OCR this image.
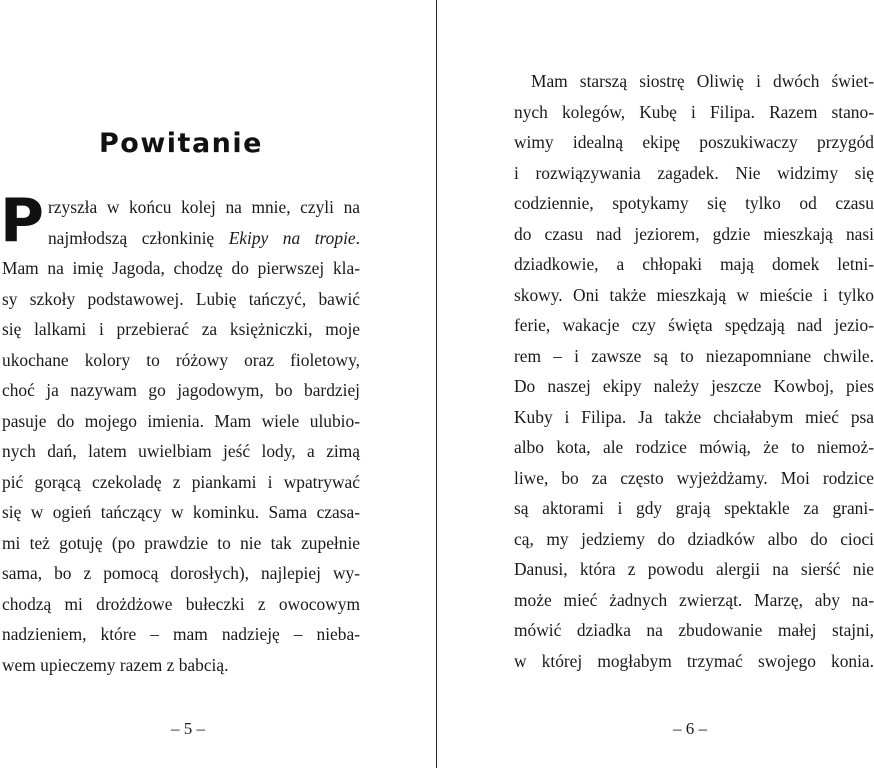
Powitanie
P rzyszła w końcu kolej na mnie, czyli na
najmłodszą członkinię Ekipy na tropie.
Mam na imię Jagoda, chodzę do pierwszej kla-
sy szkoły podstawowej. Lubię tańczyć, bawić
się lalkami i przebierać za księżniczki, moje
ukochane kolory to różowy oraz fioletowy,
choć ja nazywam go jagodowym, bo bardziej
pasuje do mojego imienia. Mam wiele ulubio-
nych dań, latem uwielbiam jeść lody, a zimą
pić gorącą czekoladę z piankami i wpatrywać
się w ogień tańczący w kominku. Sama czasa-
mi też gotuję (po prawdzie to nie tak zupełnie
sama, bo z pomocą dorosłych), najlepiej wy-
chodzą mi drożdżowe bułeczki z owocowym
nadzieniem, które – mam nadzieję – nieba-
wem upieczemy razem z babcią.

– 5 –

Mam starszą siostrę Oliwię i dwóch świet-
nych kolegów, Kubę i Filipa. Razem stano-
wimy idealną ekipę poszukiwaczy przygód
i rozwiązywania zagadek. Nie widzimy się
codziennie, spotykamy się tylko od czasu
do czasu nad jeziorem, gdzie mieszkają nasi
dziadkowie, a chłopaki mają domek letni-
skowy. Oni także mieszkają w mieście i tylko
ferie, wakacje czy święta spędzają nad jezio-
rem – i zawsze są to niezapomniane chwile.
Do naszej ekipy należy jeszcze Kowboj, pies
Kuby i Filipa. Ja także chciałabym mieć psa
albo kota, ale rodzice mówią, że to niemoż-
liwe, bo za często wyjeżdżamy. Moi rodzice
są aktorami i gdy grają spektakle za grani-
cą, my jedziemy do dziadków albo do cioci
Danusi, która z powodu alergii na sierść nie
może mieć żadnych zwierząt. Marzę, aby na-
mówić dziadka na zbudowanie małej stajni,
w której mogłabym trzymać swojego konia.

– 6 –
